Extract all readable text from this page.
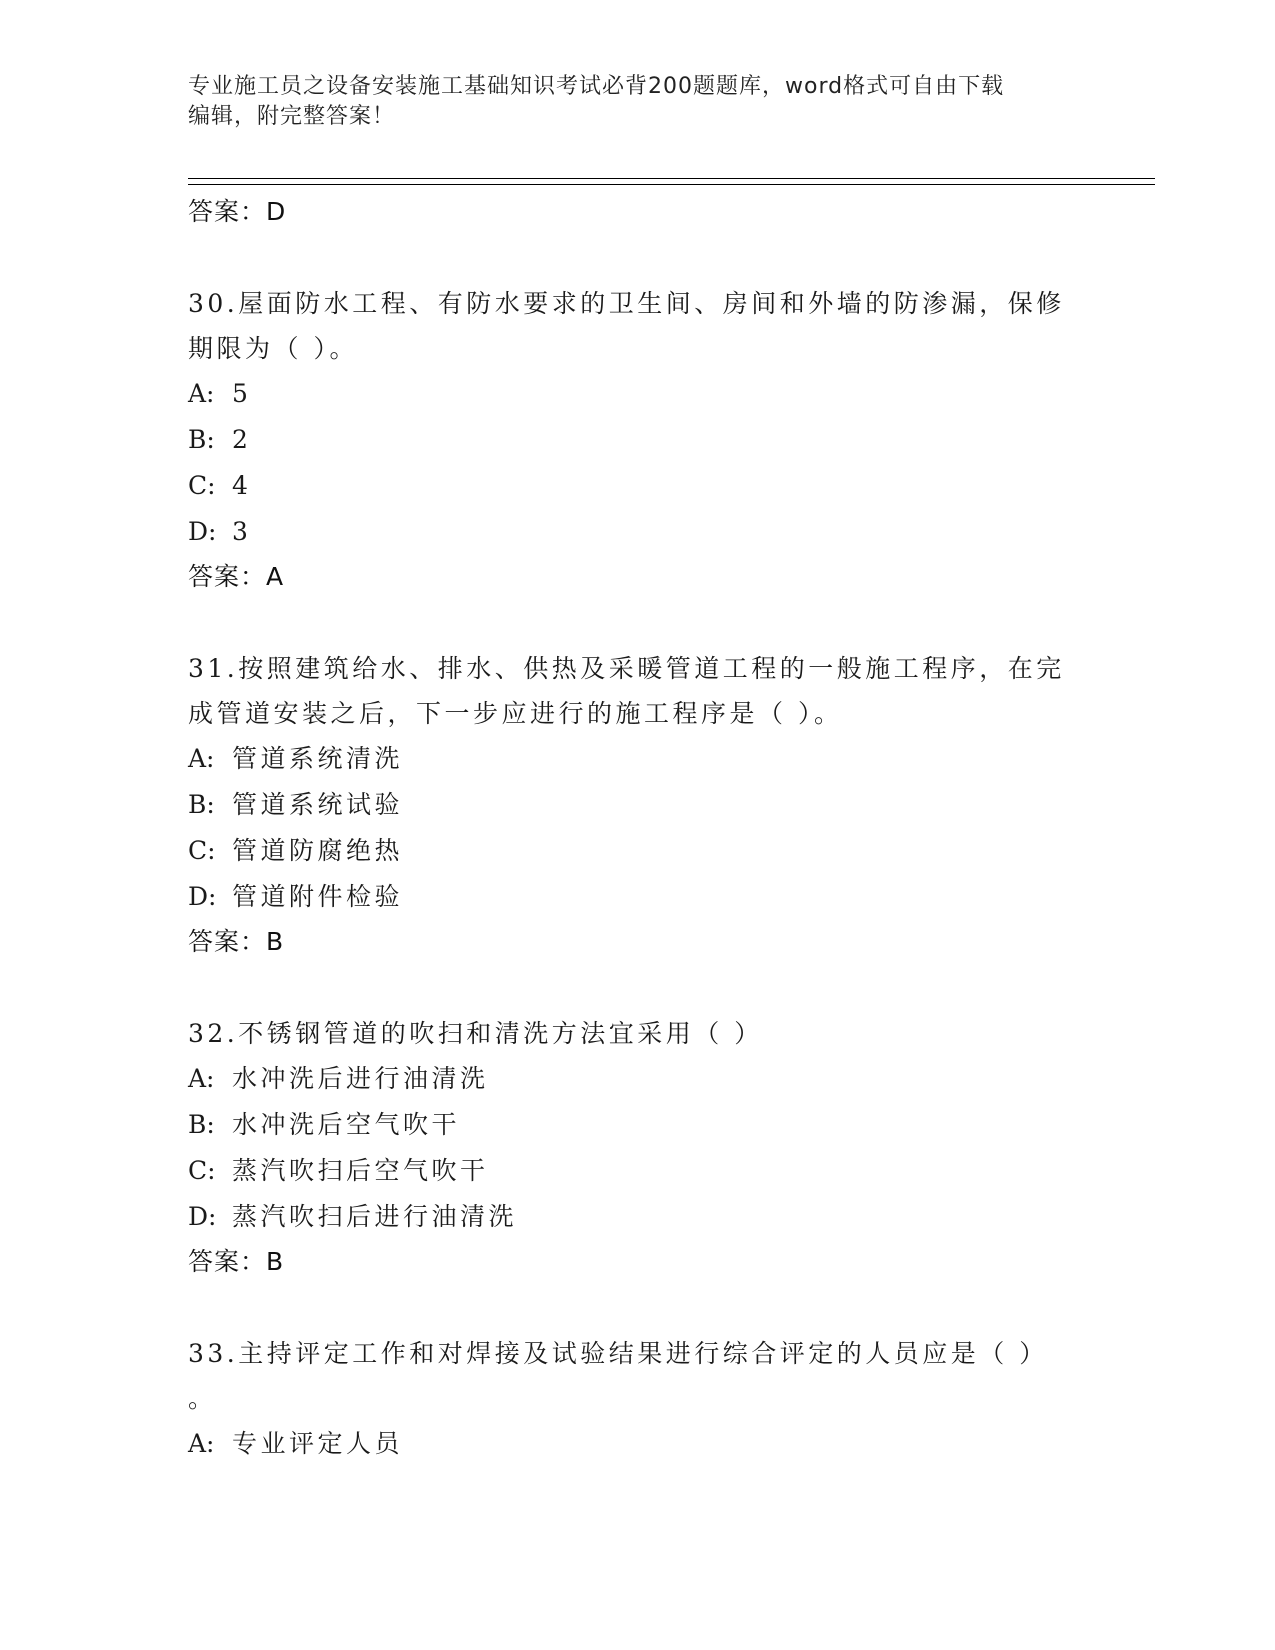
专业施工员之设备安装施工基础知识考试必背200题题库，word格式可自由下载
编辑，附完整答案！
答案：D
30.屋面防水工程、有防水要求的卫生间、房间和外墙的防渗漏，保修
期限为（ ）。
A: 5
B: 2
C: 4
D: 3
答案：A
31.按照建筑给水、排水、供热及采暖管道工程的一般施工程序，在完
成管道安装之后，下一步应进行的施工程序是（ ）。
A: 管道系统清洗
B: 管道系统试验
C: 管道防腐绝热
D: 管道附件检验
答案：B
32.不锈钢管道的吹扫和清洗方法宜采用（ ）
A: 水冲洗后进行油清洗
B: 水冲洗后空气吹干
C: 蒸汽吹扫后空气吹干
D: 蒸汽吹扫后进行油清洗
答案：B
33.主持评定工作和对焊接及试验结果进行综合评定的人员应是（ ）
。
A: 专业评定人员
